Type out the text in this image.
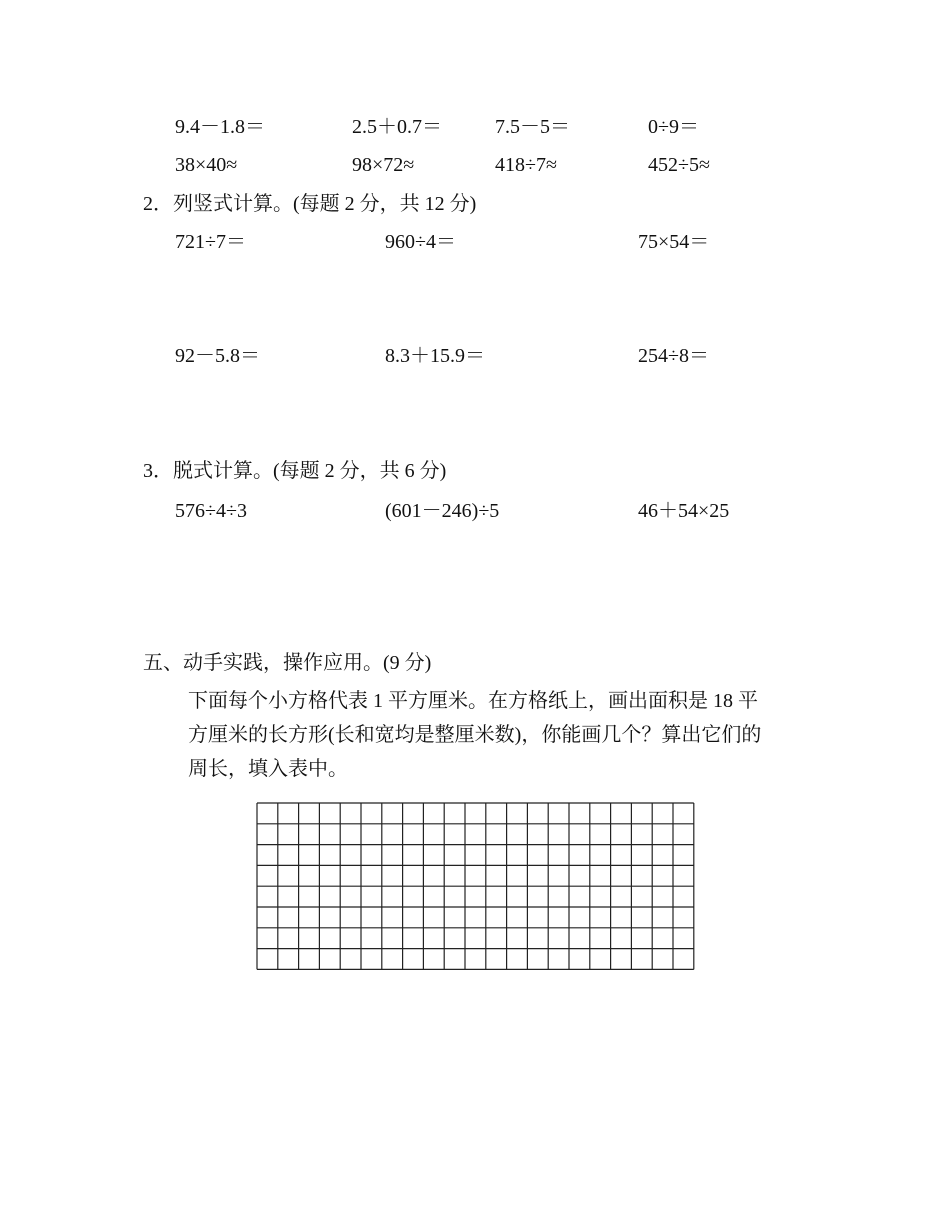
9.4－1.8＝	2.5＋0.7＝	7.5－5＝	0÷9＝
38×40≈	98×72≈	418÷7≈	452÷5≈
2．列竖式计算。(每题 2 分，共 12 分)
721÷7＝	960÷4＝	75×54＝
92－5.8＝	8.3＋15.9＝	254÷8＝
3．脱式计算。(每题 2 分，共 6 分)
576÷4÷3	(601－246)÷5	46＋54×25
五、动手实践，操作应用。(9 分)
下面每个小方格代表 1 平方厘米。在方格纸上，画出面积是 18 平
方厘米的长方形(长和宽均是整厘米数)，你能画几个？算出它们的
周长，填入表中。
